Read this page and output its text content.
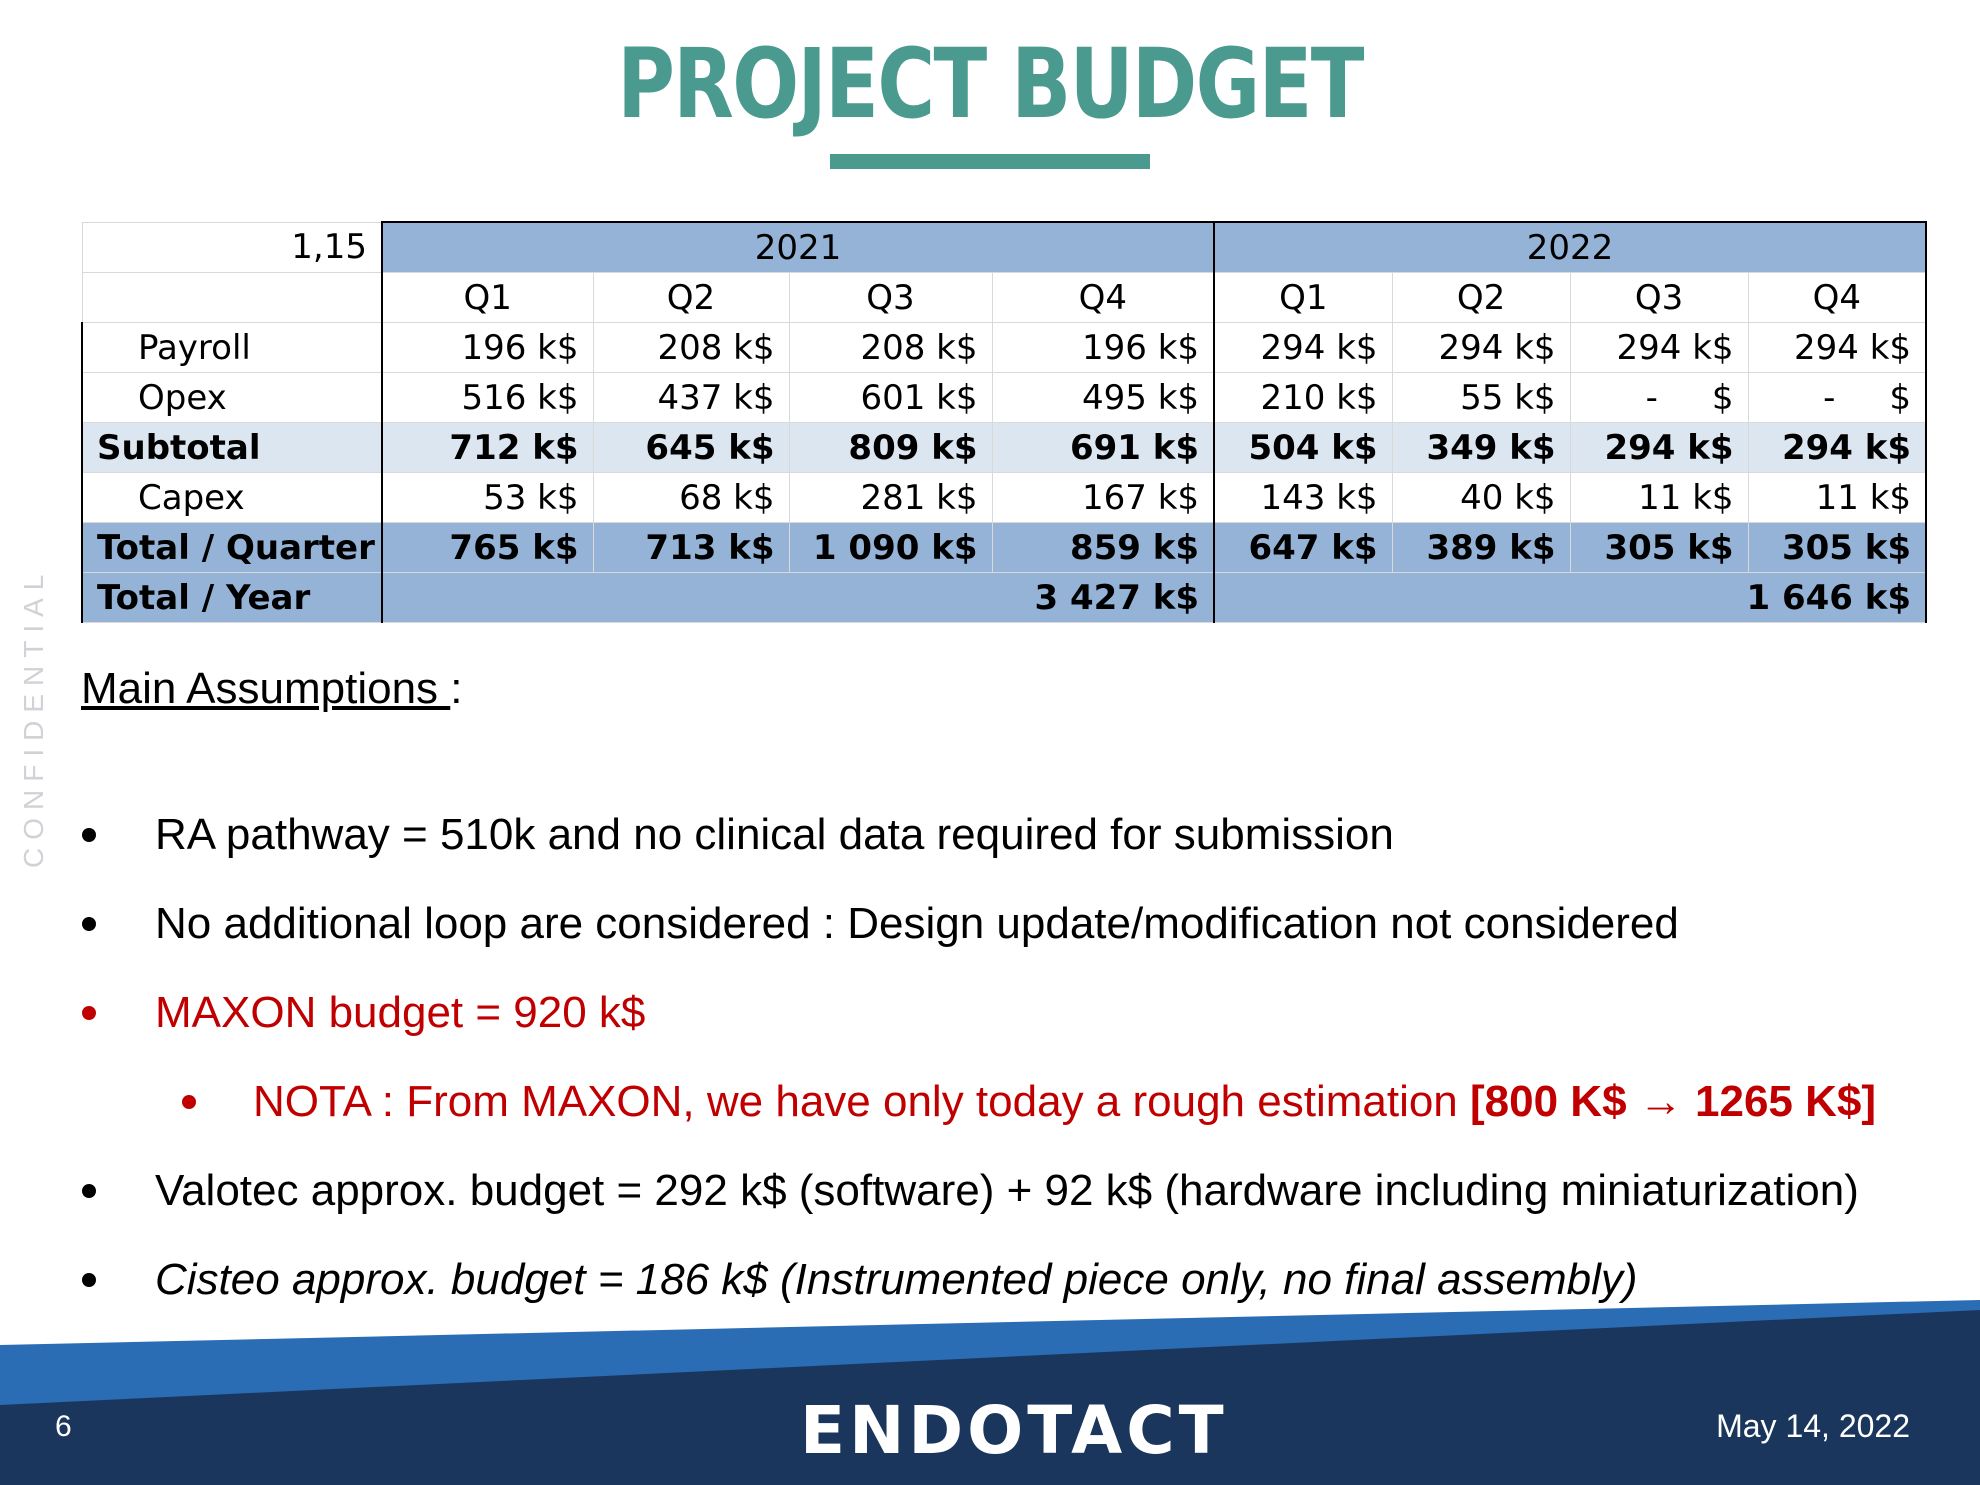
PROJECT BUDGET
CONFIDENTIAL
1,15	2021				2022			
	Q1	Q2	Q3	Q4	Q1	Q2	Q3	Q4
Payroll	196 k$	208 k$	208 k$	196 k$	294 k$	294 k$	294 k$	294 k$
Opex	516 k$	437 k$	601 k$	495 k$	210 k$	55 k$	-     $	-     $
Subtotal	712 k$	645 k$	809 k$	691 k$	504 k$	349 k$	294 k$	294 k$
Capex	53 k$	68 k$	281 k$	167 k$	143 k$	40 k$	11 k$	11 k$
Total / Quarter	765 k$	713 k$	1 090 k$	859 k$	647 k$	389 k$	305 k$	305 k$
Total / Year	3 427 k$				1 646 k$			
Main Assumptions :
RA pathway = 510k and no clinical data required for submission
No additional loop are considered : Design update/modification not considered
MAXON budget = 920 k$
NOTA : From MAXON, we have only today a rough estimation [800 K$ → 1265 K$]
Valotec approx. budget = 292 k$ (software) + 92 k$ (hardware including miniaturization)
Cisteo approx. budget = 186 k$ (Instrumented piece only, no final assembly)
6	ENDOTACT	May 14, 2022
